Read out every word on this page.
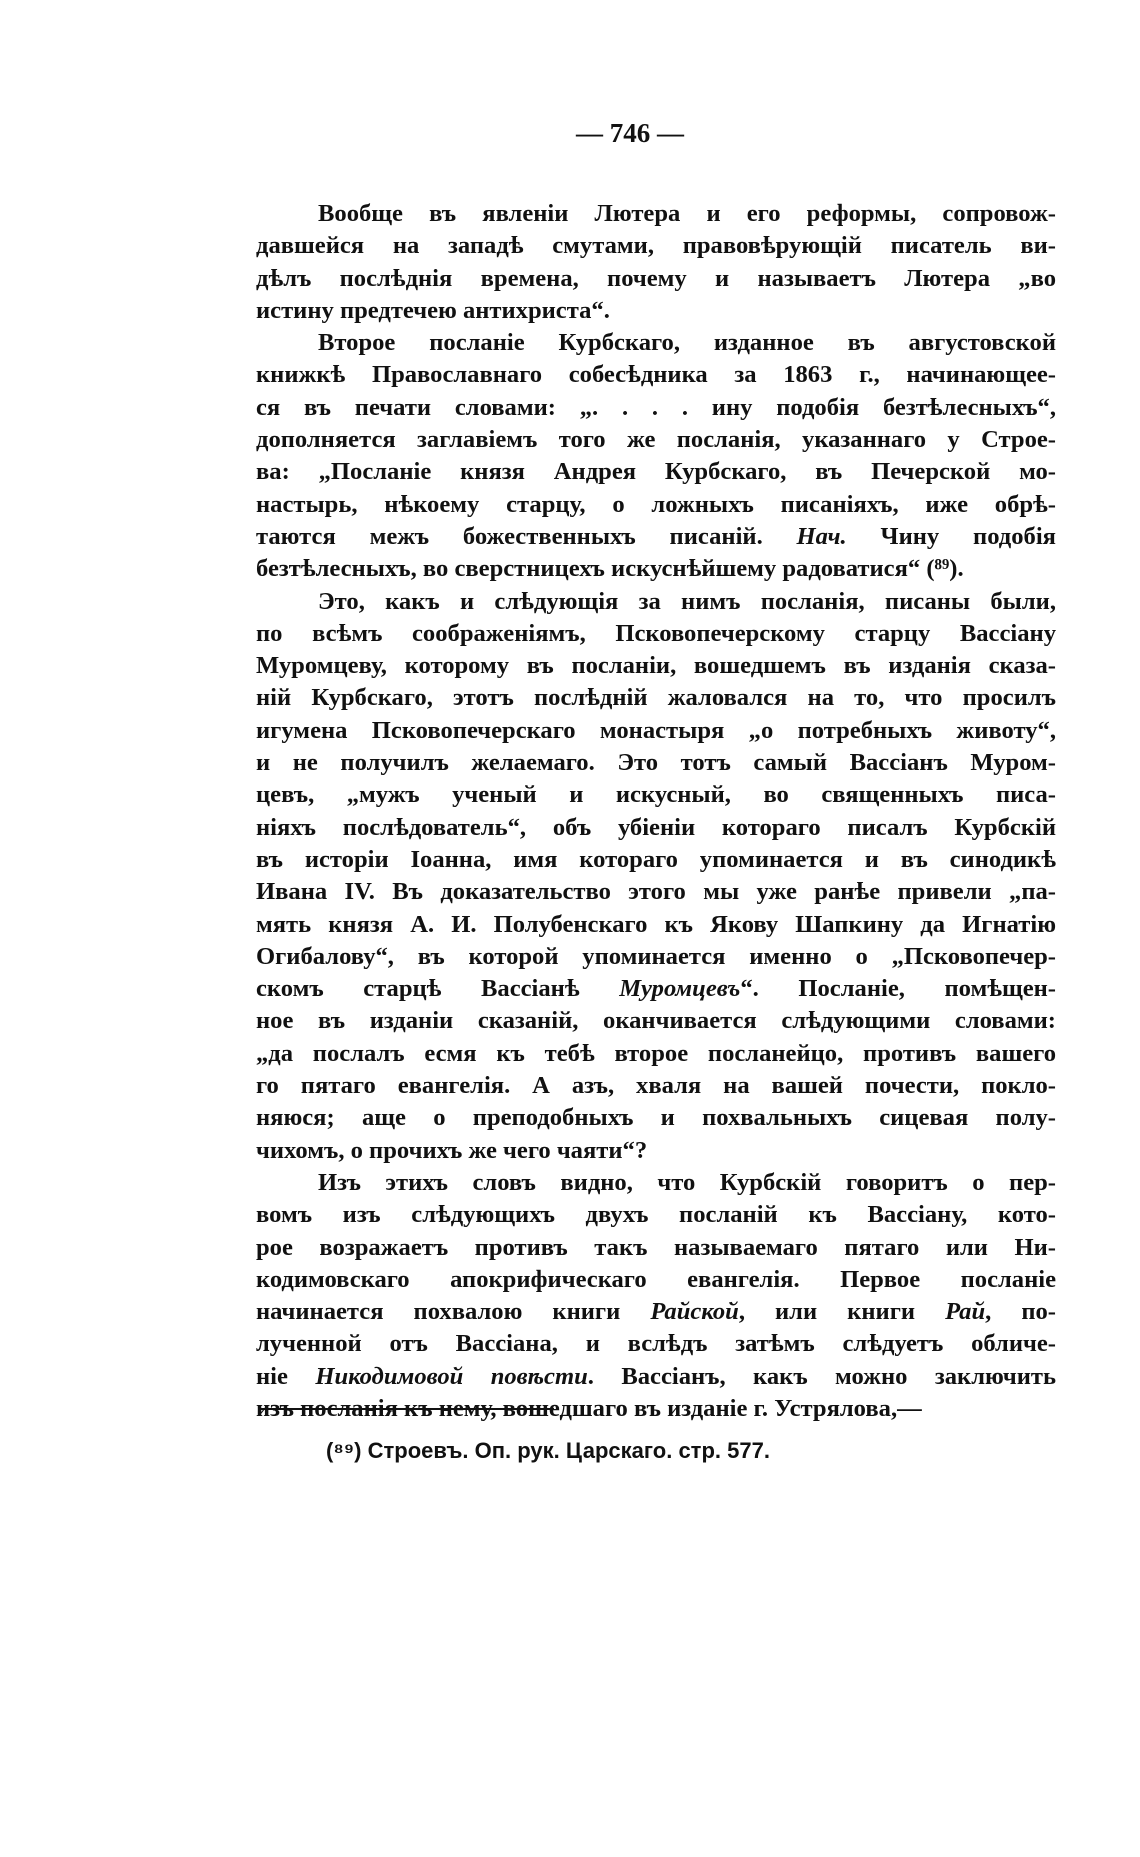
— 746 —
Вообще въ явленіи Лютера и его реформы, сопровож-
давшейся на западѣ смутами, правовѣрующій писатель ви-
дѣлъ послѣднія времена, почему и называетъ Лютера „во
истину предтечею антихриста“.
Второе посланіе Курбскаго, изданное въ августовской
книжкѣ Православнаго собесѣдника за 1863 г., начинающее-
ся въ печати словами: „. . . . ину подобія безтѣлесныхъ“,
дополняется заглавіемъ того же посланія, указаннаго у Строе-
ва: „Посланіе князя Андрея Курбскаго, въ Печерской мо-
настырь, нѣкоему старцу, о ложныхъ писаніяхъ, иже обрѣ-
таются межъ божественныхъ писаній. Нач. Чину подобія
безтѣлесныхъ, во сверстницехъ искуснѣйшему радоватися“ (⁸⁹).
Это, какъ и слѣдующія за нимъ посланія, писаны были,
по всѣмъ соображеніямъ, Псковопечерскому старцу Вассіану
Муромцеву, которому въ посланіи, вошедшемъ въ изданія сказа-
ній Курбскаго, этотъ послѣдній жаловался на то, что просилъ
игумена Псковопечерскаго монастыря „о потребныхъ животу“,
и не получилъ желаемаго. Это тотъ самый Вассіанъ Муром-
цевъ, „мужъ ученый и искусный, во священныхъ писа-
ніяхъ послѣдователь“, объ убіеніи котораго писалъ Курбскій
въ исторіи Іоанна, имя котораго упоминается и въ синодикѣ
Ивана IV. Въ доказательство этого мы уже ранѣе привели „па-
мять князя А. И. Полубенскаго къ Якову Шапкину да Игнатію
Огибалову“, въ которой упоминается именно о „Псковопечер-
скомъ старцѣ Вассіанѣ Муромцевъ“. Посланіе, помѣщен-
ное въ изданіи сказаній, оканчивается слѣдующими словами:
„да послалъ есмя къ тебѣ второе посланейцо, противъ вашего
го пятаго евангелія. А азъ, хваля на вашей почести, покло-
няюся; аще о преподобныхъ и похвальныхъ сицевая полу-
чихомъ, о прочихъ же чего чаяти“?
Изъ этихъ словъ видно, что Курбскій говоритъ о пер-
вомъ изъ слѣдующихъ двухъ посланій къ Вассіану, кото-
рое возражаетъ противъ такъ называемаго пятаго или Ни-
кодимовскаго апокрифическаго евангелія. Первое посланіе
начинается похвалою книги Райской, или книги Рай, по-
лученной отъ Вассіана, и вслѣдъ затѣмъ слѣдуетъ обличе-
ніе Никодимовой повѣсти. Вассіанъ, какъ можно заключить
изъ посланія къ нему, вошедшаго въ изданіе г. Устрялова,—
(⁸⁹) Строевъ. Оп. рук. Царскаго. стр. 577.
